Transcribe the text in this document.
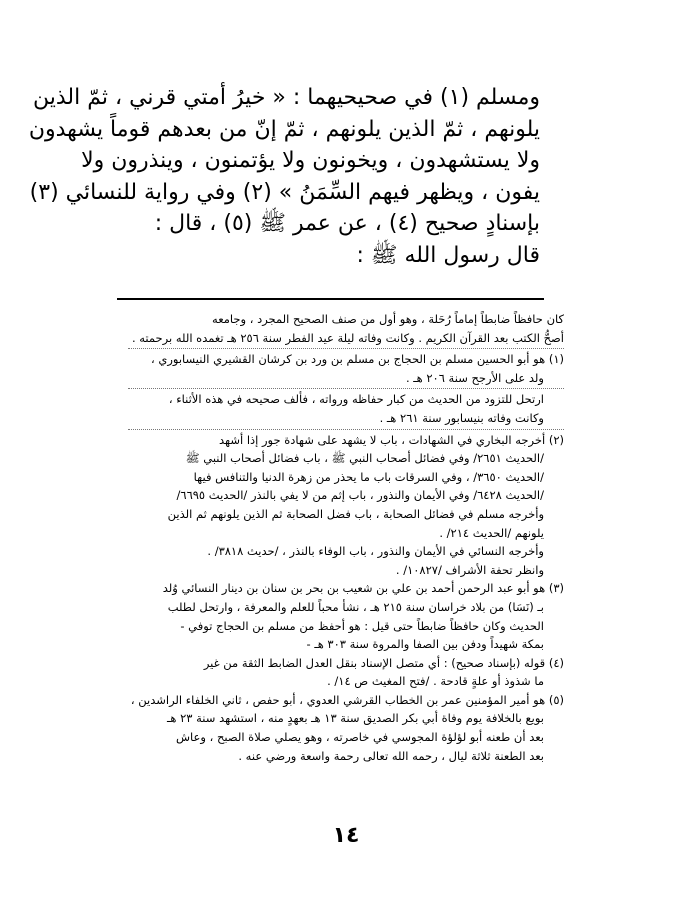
ومسلم (١) في صحيحيهما : « خيرُ أمتي قرني ، ثمّ الذين
يلونهم ، ثمّ الذين يلونهم ، ثمّ إنّ من بعدهم قوماً يشهدون
ولا يستشهدون ، ويخونون ولا يؤتمنون ، وينذرون ولا
يفون ، ويظهر فيهم السِّمَنُ » (٢) وفي رواية للنسائي (٣)
بإسنادٍ صحيح (٤) ، عن عمر ﷺ (٥) ، قال :
قال رسول الله ﷺ :
كان حافظاً ضابطاً إماماً رُحَلة ، وهو أول من صنف الصحيح المجرد ، وجامعه
أصحُّ الكتب بعد القرآن الكريم . وكانت وفاته ليلة عيد الفطر سنة ٢٥٦ هـ تغمده الله برحمته .
(١) هو أبو الحسين مسلم بن الحجاج بن مسلم بن ورد بن كرشان القشيري النيسابوري ،
ولد على الأرجح سنة ٢٠٦ هـ .
ارتحل للتزود من الحديث من كبار حفاظه ورواته ، فألف صحيحه في هذه الأثناء ،
وكانت وفاته بنيسابور سنة ٢٦١ هـ .
(٢) أخرجه البخاري في الشهادات ، باب لا يشهد على شهادة جور إذا أشهد
/الحديث ٢٦٥١/ وفي فضائل أصحاب النبي ﷺ ، باب فضائل أصحاب النبي ﷺ
/الحديث ٣٦٥٠/ ، وفي السرقات باب ما يحذر من زهرة الدنيا والتنافس فيها
/الحديث ٦٤٢٨/ وفي الأيمان والنذور ، باب إثم من لا يفي بالنذر /الحديث ٦٦٩٥/
وأخرجه مسلم في فضائل الصحابة ، باب فضل الصحابة ثم الذين يلونهم ثم الذين
يلونهم /الحديث ٢١٤/ .
وأخرجه النسائي في الأيمان والنذور ، باب الوفاء بالنذر ، /حديث ٣٨١٨/ .
وانظر تحفة الأشراف /١٠٨٢٧/ .
(٣) هو أبو عبد الرحمن أحمد بن علي بن شعيب بن بحر بن سنان بن دينار النسائي وُلد
بـ (نَسَا) من بلاد خراسان سنة ٢١٥ هـ ، نشأ محباً للعلم والمعرفة ، وارتحل لطلب
الحديث وكان حافظاً ضابطاً حتى قيل : هو أحفظ من مسلم بن الحجاج توفي -
بمكة شهيداً ودفن بين الصفا والمروة سنة ٣٠٣ هـ -
(٤) قوله (بإسناد صحيح) : أي متصل الإسناد بنقل العدل الضابط الثقة من غير
ما شذوذ أو علةٍ قادحة . /فتح المغيث ص ١٤/ .
(٥) هو أمير المؤمنين عمر بن الخطاب القرشي العدوي ، أبو حفص ، ثاني الخلفاء الراشدين ،
بويع بالخلافة يوم وفاة أبي بكر الصديق سنة ١٣ هـ بعهدٍ منه ، استشهد سنة ٢٣ هـ
بعد أن طعنه أبو لؤلؤة المجوسي في خاصرته ، وهو يصلي صلاة الصبح ، وعاش
بعد الطعنة ثلاثة ليال ، رحمه الله تعالى رحمة واسعة ورضي عنه .
١٤
